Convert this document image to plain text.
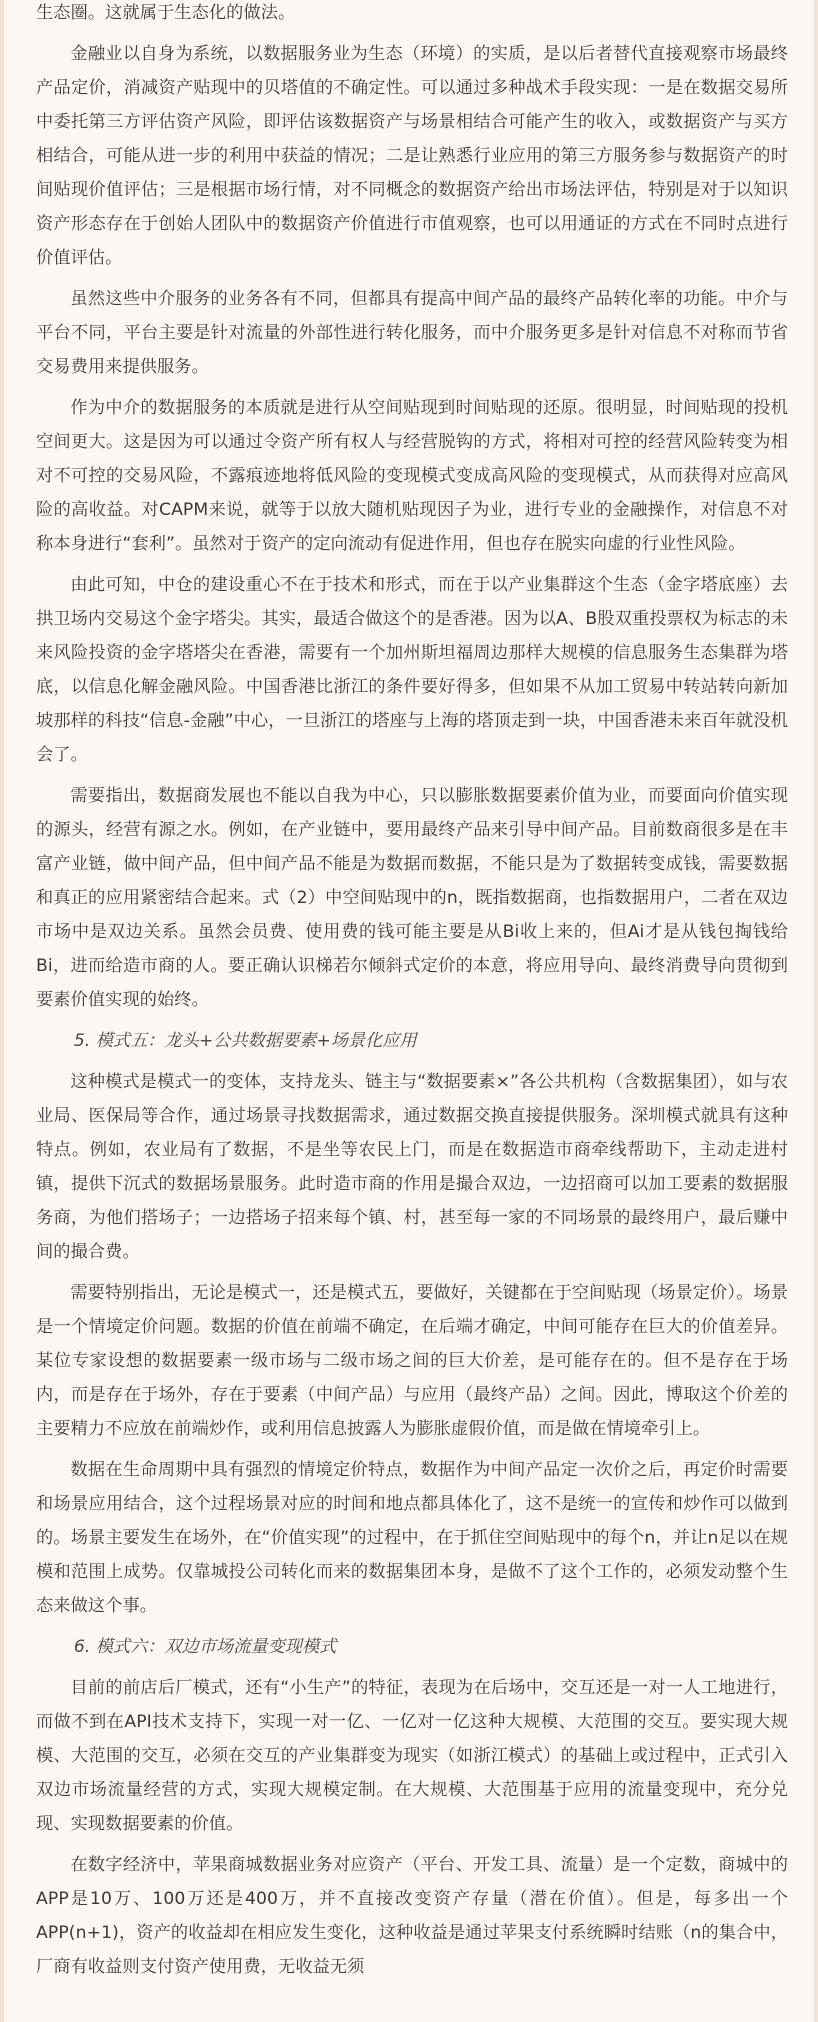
生态圈。这就属于生态化的做法。

金融业以自身为系统，以数据服务业为生态（环境）的实质，是以后者替代直接观察市场最终产品定价，消减资产贴现中的贝塔值的不确定性。可以通过多种战术手段实现：一是在数据交易所中委托第三方评估资产风险，即评估该数据资产与场景相结合可能产生的收入，或数据资产与买方相结合，可能从进一步的利用中获益的情况；二是让熟悉行业应用的第三方服务参与数据资产的时间贴现价值评估；三是根据市场行情，对不同概念的数据资产给出市场法评估，特别是对于以知识资产形态存在于创始人团队中的数据资产价值进行市值观察，也可以用通证的方式在不同时点进行价值评估。

虽然这些中介服务的业务各有不同，但都具有提高中间产品的最终产品转化率的功能。中介与平台不同，平台主要是针对流量的外部性进行转化服务，而中介服务更多是针对信息不对称而节省交易费用来提供服务。

作为中介的数据服务的本质就是进行从空间贴现到时间贴现的还原。很明显，时间贴现的投机空间更大。这是因为可以通过令资产所有权人与经营脱钩的方式，将相对可控的经营风险转变为相对不可控的交易风险，不露痕迹地将低风险的变现模式变成高风险的变现模式，从而获得对应高风险的高收益。对CAPM来说，就等于以放大随机贴现因子为业，进行专业的金融操作，对信息不对称本身进行“套利”。虽然对于资产的定向流动有促进作用，但也存在脱实向虚的行业性风险。

由此可知，中仓的建设重心不在于技术和形式，而在于以产业集群这个生态（金字塔底座）去拱卫场内交易这个金字塔尖。其实，最适合做这个的是香港。因为以A、B股双重投票权为标志的未来风险投资的金字塔塔尖在香港，需要有一个加州斯坦福周边那样大规模的信息服务生态集群为塔底，以信息化解金融风险。中国香港比浙江的条件要好得多，但如果不从加工贸易中转站转向新加坡那样的科技“信息-金融”中心，一旦浙江的塔座与上海的塔顶走到一块，中国香港未来百年就没机会了。

需要指出，数据商发展也不能以自我为中心，只以膨胀数据要素价值为业，而要面向价值实现的源头，经营有源之水。例如，在产业链中，要用最终产品来引导中间产品。目前数商很多是在丰富产业链，做中间产品，但中间产品不能是为数据而数据，不能只是为了数据转变成钱，需要数据和真正的应用紧密结合起来。式（2）中空间贴现中的n，既指数据商，也指数据用户，二者在双边市场中是双边关系。虽然会员费、使用费的钱可能主要是从Bi收上来的，但Ai才是从钱包掏钱给Bi，进而给造市商的人。要正确认识梯若尔倾斜式定价的本意，将应用导向、最终消费导向贯彻到要素价值实现的始终。

5. 模式五：龙头+公共数据要素+场景化应用

这种模式是模式一的变体，支持龙头、链主与“数据要素×”各公共机构（含数据集团），如与农业局、医保局等合作，通过场景寻找数据需求，通过数据交换直接提供服务。深圳模式就具有这种特点。例如，农业局有了数据，不是坐等农民上门，而是在数据造市商牵线帮助下，主动走进村镇，提供下沉式的数据场景服务。此时造市商的作用是撮合双边，一边招商可以加工要素的数据服务商，为他们搭场子；一边搭场子招来每个镇、村，甚至每一家的不同场景的最终用户，最后赚中间的撮合费。

需要特别指出，无论是模式一，还是模式五，要做好，关键都在于空间贴现（场景定价）。场景是一个情境定价问题。数据的价值在前端不确定，在后端才确定，中间可能存在巨大的价值差异。某位专家设想的数据要素一级市场与二级市场之间的巨大价差，是可能存在的。但不是存在于场内，而是存在于场外，存在于要素（中间产品）与应用（最终产品）之间。因此，博取这个价差的主要精力不应放在前端炒作，或利用信息披露人为膨胀虚假价值，而是做在情境牵引上。

数据在生命周期中具有强烈的情境定价特点，数据作为中间产品定一次价之后，再定价时需要和场景应用结合，这个过程场景对应的时间和地点都具体化了，这不是统一的宣传和炒作可以做到的。场景主要发生在场外，在“价值实现”的过程中，在于抓住空间贴现中的每个n，并让n足以在规模和范围上成势。仅靠城投公司转化而来的数据集团本身，是做不了这个工作的，必须发动整个生态来做这个事。

6. 模式六：双边市场流量变现模式

目前的前店后厂模式，还有“小生产”的特征，表现为在后场中，交互还是一对一人工地进行，而做不到在API技术支持下，实现一对一亿、一亿对一亿这种大规模、大范围的交互。要实现大规模、大范围的交互，必须在交互的产业集群变为现实（如浙江模式）的基础上或过程中，正式引入双边市场流量经营的方式，实现大规模定制。在大规模、大范围基于应用的流量变现中，充分兑现、实现数据要素的价值。

在数字经济中，苹果商城数据业务对应资产（平台、开发工具、流量）是一个定数，商城中的APP是10万、100万还是400万，并不直接改变资产存量（潜在价值）。但是，每多出一个APP(n+1)，资产的收益却在相应发生变化，这种收益是通过苹果支付系统瞬时结账（n的集合中，厂商有收益则支付资产使用费，无收益无须
